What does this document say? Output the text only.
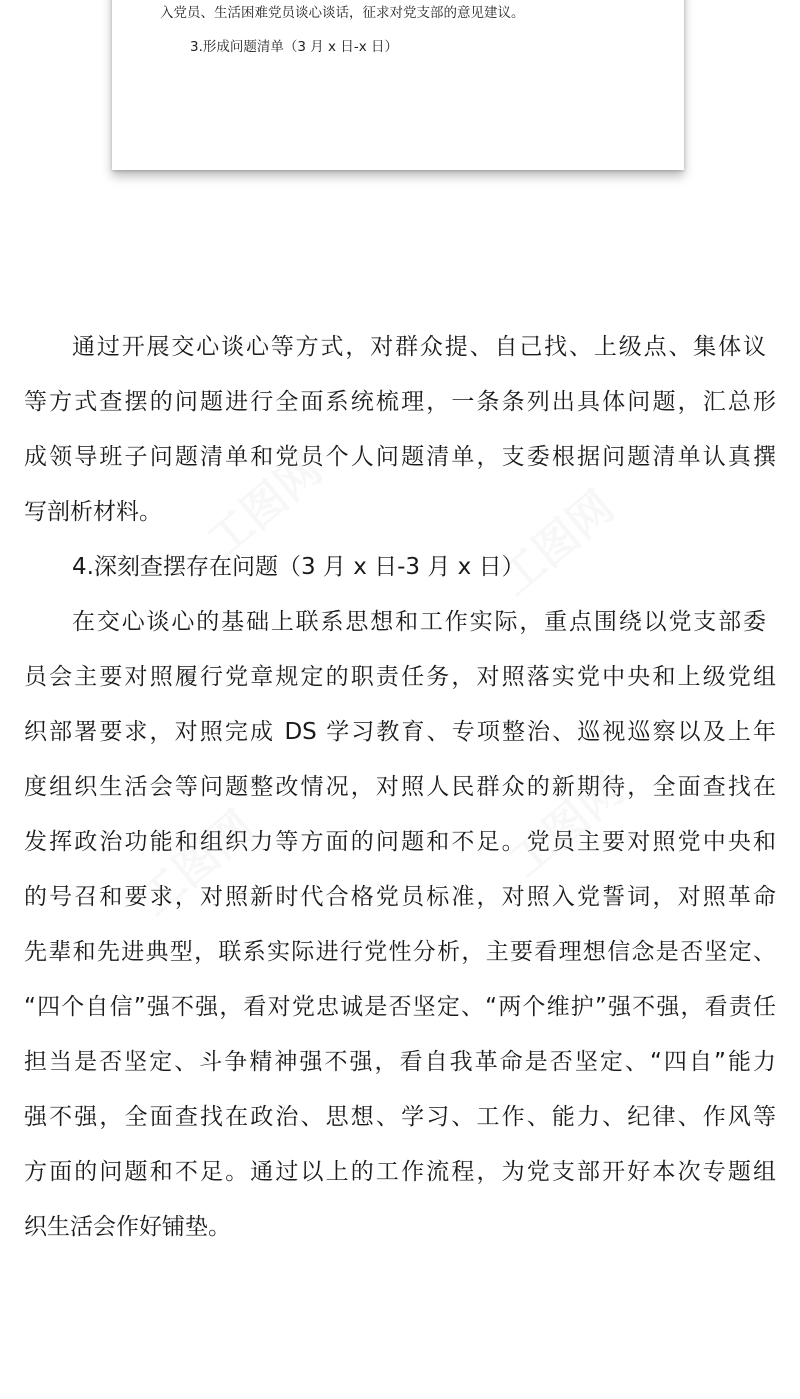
入党员、生活困难党员谈心谈话，征求对党支部的意见建议。
3.形成问题清单（3 月 x 日-x 日）
工图网	工图网
工图网	工图网
通过开展交心谈心等方式，对群众提、自己找、上级点、集体议
等方式查摆的问题进行全面系统梳理，一条条列出具体问题，汇总形
成领导班子问题清单和党员个人问题清单，支委根据问题清单认真撰
写剖析材料。
4.深刻查摆存在问题（3 月 x 日-3 月 x 日）
在交心谈心的基础上联系思想和工作实际，重点围绕以党支部委
员会主要对照履行党章规定的职责任务，对照落实党中央和上级党组
织部署要求，对照完成 DS 学习教育、专项整治、巡视巡察以及上年
度组织生活会等问题整改情况，对照人民群众的新期待，全面查找在
发挥政治功能和组织力等方面的问题和不足。党员主要对照党中央和
的号召和要求，对照新时代合格党员标准，对照入党誓词，对照革命
先辈和先进典型，联系实际进行党性分析，主要看理想信念是否坚定、
“四个自信”强不强，看对党忠诚是否坚定、“两个维护”强不强，看责任
担当是否坚定、斗争精神强不强，看自我革命是否坚定、“四自”能力
强不强，全面查找在政治、思想、学习、工作、能力、纪律、作风等
方面的问题和不足。通过以上的工作流程，为党支部开好本次专题组
织生活会作好铺垫。
